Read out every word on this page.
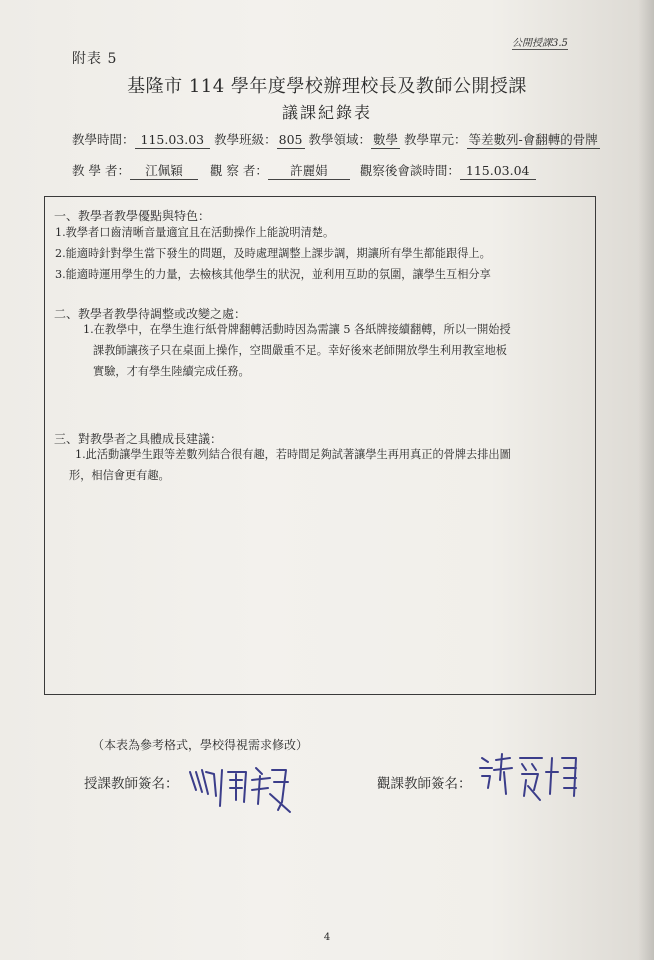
公開授課3.5
附表 5
基隆市 114 學年度學校辦理校長及教師公開授課
議課紀錄表
教學時間： 115.03.03 教學班級： 805 教學領域： 數學 教學單元： 等差數列-會翻轉的骨牌
教 學 者： 江佩穎 觀 察 者： 許麗娟	觀察後會談時間： 115.03.04
一、教學者教學優點與特色：
1.教學者口齒清晰音量適宜且在活動操作上能說明清楚。
2.能適時針對學生當下發生的問題，及時處理調整上課步調，期讓所有學生都能跟得上。
3.能適時運用學生的力量，去檢核其他學生的狀況，並利用互助的氛圍，讓學生互相分享
二、教學者教學待調整或改變之處：
1.在教學中，在學生進行紙骨牌翻轉活動時因為需讓 5 各紙牌接續翻轉，所以一開始授
課教師讓孩子只在桌面上操作，空間嚴重不足。幸好後來老師開放學生利用教室地板
實驗，才有學生陸續完成任務。
三、對教學者之具體成長建議：
1.此活動讓學生跟等差數列結合很有趣，若時間足夠試著讓學生再用真正的骨牌去排出圖
形，相信會更有趣。
（本表為參考格式，學校得視需求修改）
授課教師簽名：	觀課教師簽名：
4
